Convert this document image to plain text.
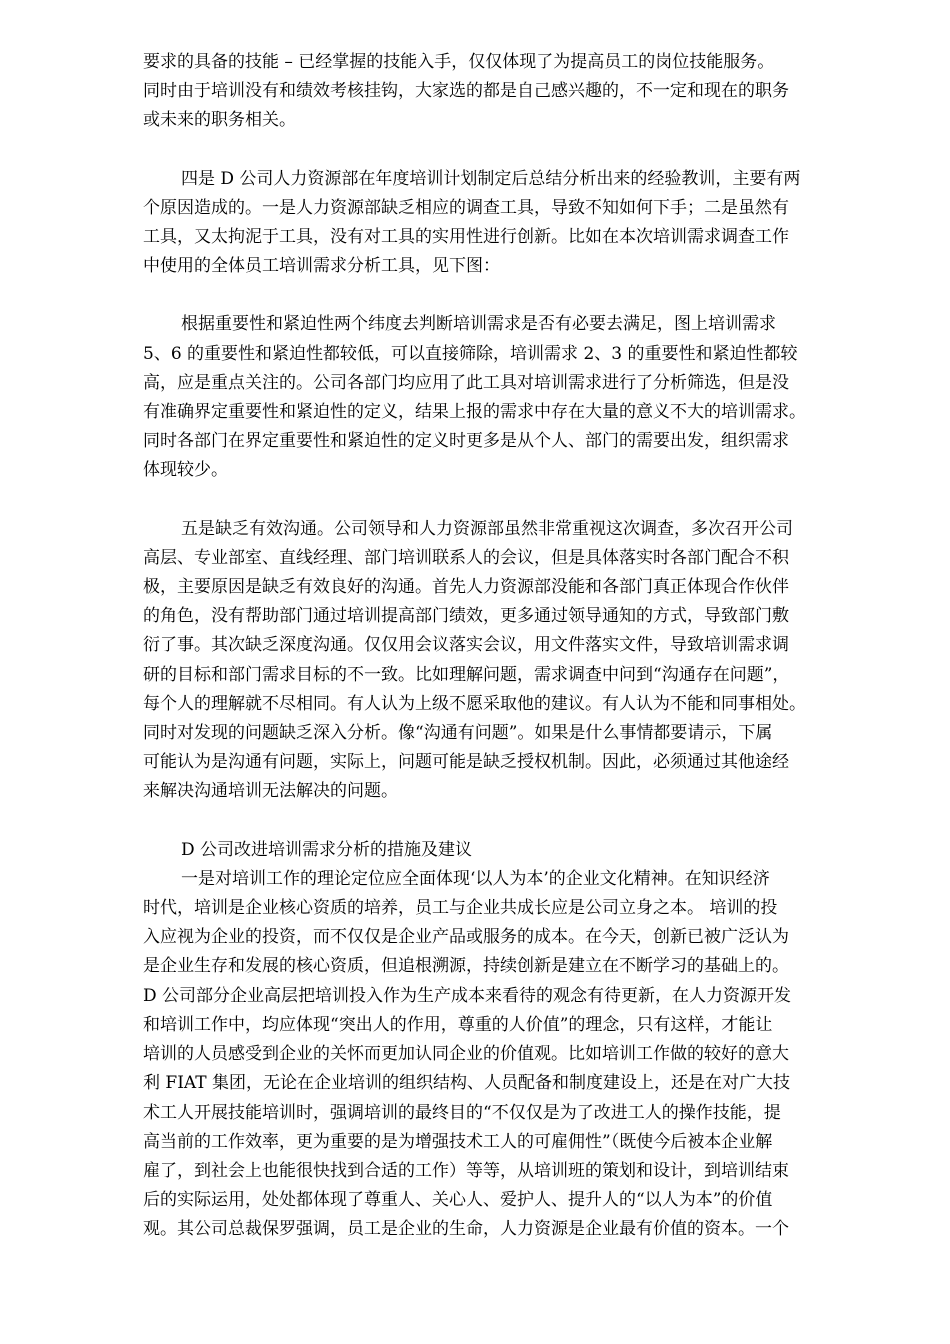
要求的具备的技能 – 已经掌握的技能入手，仅仅体现了为提高员工的岗位技能服务。
同时由于培训没有和绩效考核挂钩，大家选的都是自己感兴趣的，不一定和现在的职务
或未来的职务相关。
四是 D 公司人力资源部在年度培训计划制定后总结分析出来的经验教训，主要有两
个原因造成的。一是人力资源部缺乏相应的调查工具，导致不知如何下手；二是虽然有
工具，又太拘泥于工具，没有对工具的实用性进行创新。比如在本次培训需求调查工作
中使用的全体员工培训需求分析工具，见下图：
根据重要性和紧迫性两个纬度去判断培训需求是否有必要去满足，图上培训需求
5、6 的重要性和紧迫性都较低，可以直接筛除，培训需求 2、3 的重要性和紧迫性都较
高，应是重点关注的。公司各部门均应用了此工具对培训需求进行了分析筛选，但是没
有准确界定重要性和紧迫性的定义，结果上报的需求中存在大量的意义不大的培训需求。
同时各部门在界定重要性和紧迫性的定义时更多是从个人、部门的需要出发，组织需求
体现较少。
五是缺乏有效沟通。公司领导和人力资源部虽然非常重视这次调查，多次召开公司
高层、专业部室、直线经理、部门培训联系人的会议，但是具体落实时各部门配合不积
极，主要原因是缺乏有效良好的沟通。首先人力资源部没能和各部门真正体现合作伙伴
的角色，没有帮助部门通过培训提高部门绩效，更多通过领导通知的方式，导致部门敷
衍了事。其次缺乏深度沟通。仅仅用会议落实会议，用文件落实文件，导致培训需求调
研的目标和部门需求目标的不一致。比如理解问题，需求调查中问到“沟通存在问题”，
每个人的理解就不尽相同。有人认为上级不愿采取他的建议。有人认为不能和同事相处。
同时对发现的问题缺乏深入分析。像“沟通有问题”。如果是什么事情都要请示，下属
可能认为是沟通有问题，实际上，问题可能是缺乏授权机制。因此，必须通过其他途经
来解决沟通培训无法解决的问题。
D 公司改进培训需求分析的措施及建议
一是对培训工作的理论定位应全面体现‘以人为本’的企业文化精神。在知识经济
时代，培训是企业核心资质的培养，员工与企业共成长应是公司立身之本。 培训的投
入应视为企业的投资，而不仅仅是企业产品或服务的成本。在今天，创新已被广泛认为
是企业生存和发展的核心资质，但追根溯源，持续创新是建立在不断学习的基础上的。
D 公司部分企业高层把培训投入作为生产成本来看待的观念有待更新，在人力资源开发
和培训工作中，均应体现“突出人的作用，尊重的人价值”的理念，只有这样，才能让
培训的人员感受到企业的关怀而更加认同企业的价值观。比如培训工作做的较好的意大
利 FIAT 集团，无论在企业培训的组织结构、人员配备和制度建设上，还是在对广大技
术工人开展技能培训时，强调培训的最终目的“不仅仅是为了改进工人的操作技能，提
高当前的工作效率，更为重要的是为增强技术工人的可雇佣性”（既使今后被本企业解
雇了，到社会上也能很快找到合适的工作）等等，从培训班的策划和设计，到培训结束
后的实际运用，处处都体现了尊重人、关心人、爱护人、提升人的“以人为本”的价值
观。其公司总裁保罗强调，员工是企业的生命，人力资源是企业最有价值的资本。一个
